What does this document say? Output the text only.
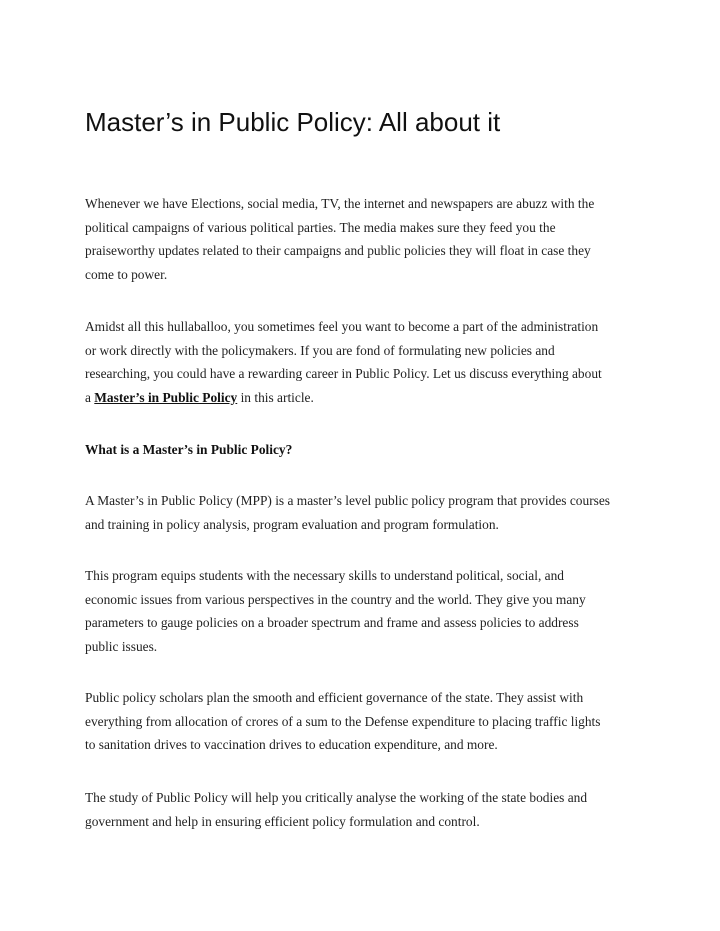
Master’s in Public Policy: All about it

Whenever we have Elections, social media, TV, the internet and newspapers are abuzz with the
political campaigns of various political parties. The media makes sure they feed you the
praiseworthy updates related to their campaigns and public policies they will float in case they
come to power.

Amidst all this hullaballoo, you sometimes feel you want to become a part of the administration
or work directly with the policymakers. If you are fond of formulating new policies and
researching, you could have a rewarding career in Public Policy. Let us discuss everything about
a Master’s in Public Policy in this article.

What is a Master’s in Public Policy?

A Master’s in Public Policy (MPP) is a master’s level public policy program that provides courses
and training in policy analysis, program evaluation and program formulation.

This program equips students with the necessary skills to understand political, social, and
economic issues from various perspectives in the country and the world. They give you many
parameters to gauge policies on a broader spectrum and frame and assess policies to address
public issues.

Public policy scholars plan the smooth and efficient governance of the state. They assist with
everything from allocation of crores of a sum to the Defense expenditure to placing traffic lights
to sanitation drives to vaccination drives to education expenditure, and more.

The study of Public Policy will help you critically analyse the working of the state bodies and
government and help in ensuring efficient policy formulation and control.
